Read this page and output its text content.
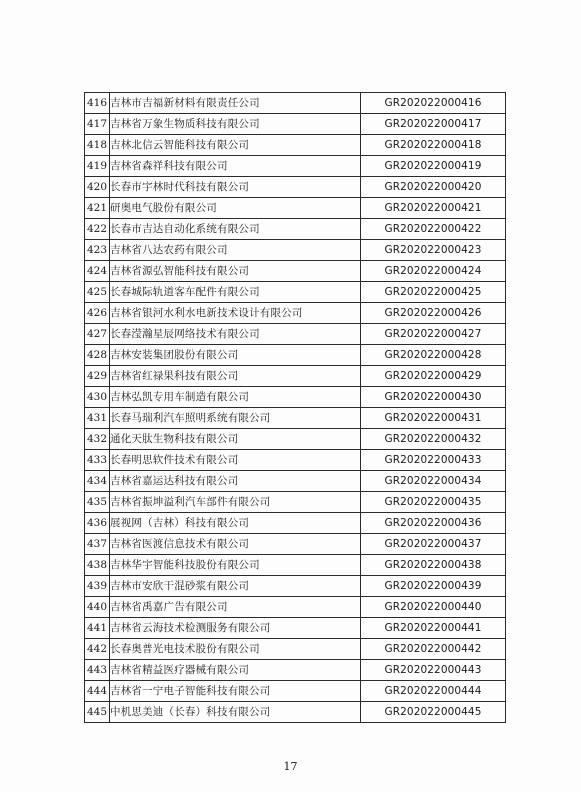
416	吉林市吉福新材料有限责任公司	GR202022000416
417	吉林省万象生物质科技有限公司	GR202022000417
418	吉林北信云智能科技有限公司	GR202022000418
419	吉林省森祥科技有限公司	GR202022000419
420	长春市宇林时代科技有限公司	GR202022000420
421	研奥电气股份有限公司	GR202022000421
422	长春市吉达自动化系统有限公司	GR202022000422
423	吉林省八达农药有限公司	GR202022000423
424	吉林省源弘智能科技有限公司	GR202022000424
425	长春城际轨道客车配件有限公司	GR202022000425
426	吉林省银河水利水电新技术设计有限公司	GR202022000426
427	长春滢瀚星辰网络技术有限公司	GR202022000427
428	吉林安装集团股份有限公司	GR202022000428
429	吉林省红禄果科技有限公司	GR202022000429
430	吉林弘凯专用车制造有限公司	GR202022000430
431	长春马瑞利汽车照明系统有限公司	GR202022000431
432	通化天肽生物科技有限公司	GR202022000432
433	长春明思软件技术有限公司	GR202022000433
434	吉林省嘉运达科技有限公司	GR202022000434
435	吉林省振坤溢利汽车部件有限公司	GR202022000435
436	展视网（吉林）科技有限公司	GR202022000436
437	吉林省医渡信息技术有限公司	GR202022000437
438	吉林华宇智能科技股份有限公司	GR202022000438
439	吉林市安欣干混砂浆有限公司	GR202022000439
440	吉林省禹嘉广告有限公司	GR202022000440
441	吉林省云海技术检测服务有限公司	GR202022000441
442	长春奥普光电技术股份有限公司	GR202022000442
443	吉林省精益医疗器械有限公司	GR202022000443
444	吉林省一宁电子智能科技有限公司	GR202022000444
445	中机思美迪（长春）科技有限公司	GR202022000445
17
